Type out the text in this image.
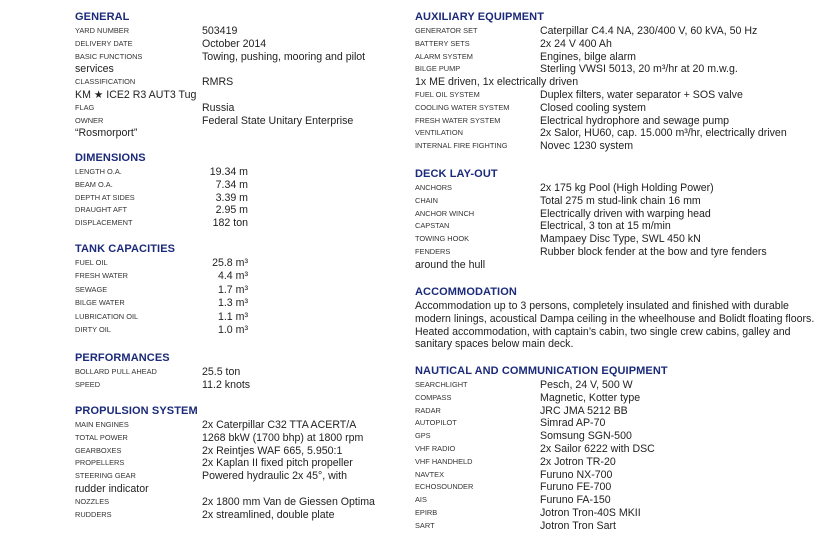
GENERAL
YARD NUMBER	503419
DELIVERY DATE	October 2014
BASIC FUNCTIONS	Towing, pushing, mooring and pilot
services
CLASSIFICATION	RMRS
KM ★ ICE2 R3 AUT3 Tug
FLAG	Russia
OWNER	Federal State Unitary Enterprise
“Rosmorport”
DIMENSIONS
LENGTH O.A.	19.34 m
BEAM O.A.	7.34 m
DEPTH AT SIDES	3.39 m
DRAUGHT AFT	2.95 m
DISPLACEMENT	182 ton
TANK CAPACITIES
FUEL OIL	25.8 m³
FRESH WATER	4.4 m³
SEWAGE	1.7 m³
BILGE WATER	1.3 m³
LUBRICATION OIL	1.1 m³
DIRTY OIL	1.0 m³
PERFORMANCES
BOLLARD PULL AHEAD	25.5 ton
SPEED	11.2 knots
PROPULSION SYSTEM
MAIN ENGINES	2x Caterpillar C32 TTA ACERT/A
TOTAL POWER	1268 bkW (1700 bhp) at 1800 rpm
GEARBOXES	2x Reintjes WAF 665, 5.950:1
PROPELLERS	2x Kaplan II fixed pitch propeller
STEERING GEAR	Powered hydraulic 2x 45°, with
rudder indicator
NOZZLES	2x 1800 mm Van de Giessen Optima
RUDDERS	2x streamlined, double plate
AUXILIARY EQUIPMENT
GENERATOR SET	Caterpillar C4.4 NA, 230/400 V, 60 kVA, 50 Hz
BATTERY SETS	2x 24 V 400 Ah
ALARM SYSTEM	Engines, bilge alarm
BILGE PUMP	Sterling VWSI 5013, 20 m³/hr at 20 m.w.g.
1x ME driven, 1x electrically driven
FUEL OIL SYSTEM	Duplex filters, water separator + SOS valve
COOLING WATER SYSTEM	Closed cooling system
FRESH WATER SYSTEM	Electrical hydrophore and sewage pump
VENTILATION	2x Salor, HU60, cap. 15.000 m³/hr, electrically driven
INTERNAL FIRE FIGHTING	Novec 1230 system
DECK LAY-OUT
ANCHORS	2x 175 kg Pool (High Holding Power)
CHAIN	Total 275 m stud-link chain 16 mm
ANCHOR WINCH	Electrically driven with warping head
CAPSTAN	Electrical, 3 ton at 15 m/min
TOWING HOOK	Mampaey Disc Type, SWL 450 kN
FENDERS	Rubber block fender at the bow and tyre fenders
around the hull
ACCOMMODATION
Accommodation up to 3 persons, completely insulated and finished with durable modern linings, acoustical Dampa ceiling in the wheelhouse and Bolidt floating floors. Heated accommodation, with captain’s cabin, two single crew cabins, galley and sanitary spaces below main deck.
NAUTICAL AND COMMUNICATION EQUIPMENT
SEARCHLIGHT	Pesch, 24 V, 500 W
COMPASS	Magnetic, Kotter type
RADAR	JRC JMA 5212 BB
AUTOPILOT	Simrad AP-70
GPS	Somsung SGN-500
VHF RADIO	2x Sailor 6222 with DSC
VHF HANDHELD	2x Jotron TR-20
NAVTEX	Furuno NX-700
ECHOSOUNDER	Furuno FE-700
AIS	Furuno FA-150
EPIRB	Jotron Tron-40S MKII
SART	Jotron Tron Sart
